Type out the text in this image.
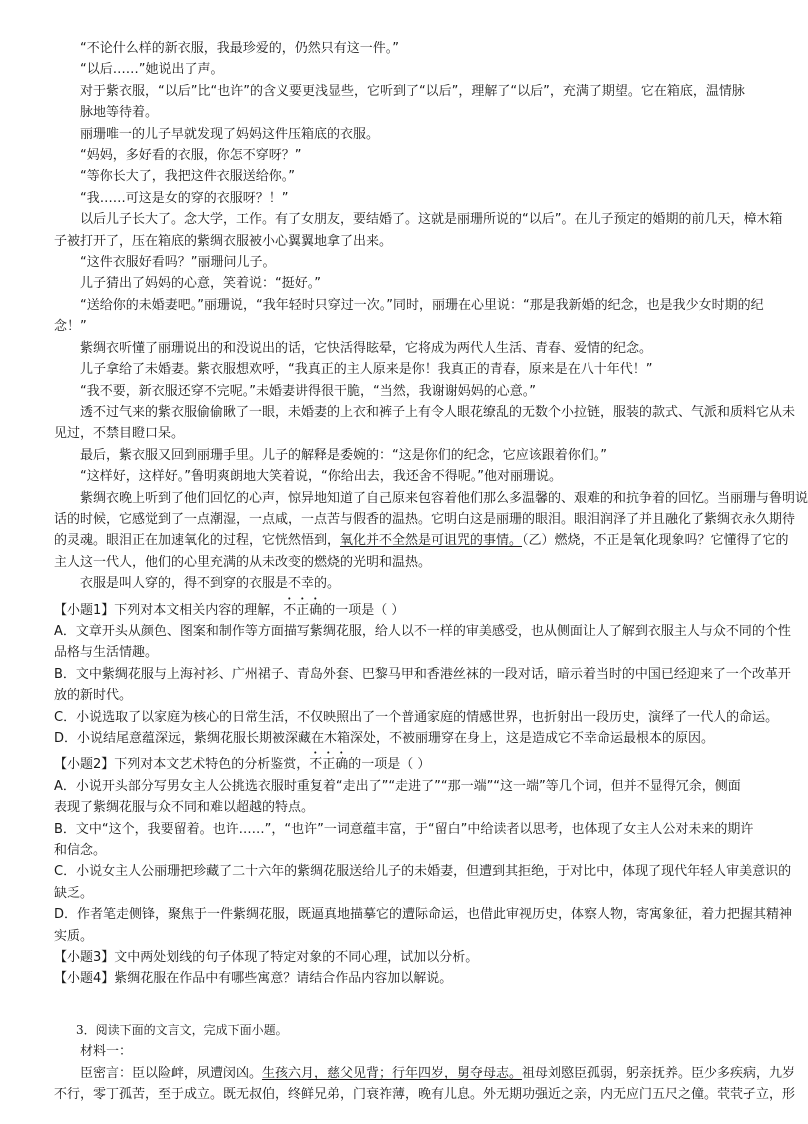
“不论什么样的新衣服，我最珍爱的，仍然只有这一件。”
“以后……”她说出了声。
对于紫衣服，“以后”比“也许”的含义要更浅显些，它听到了“以后”，理解了“以后”，充满了期望。它在箱底，温情脉
脉地等待着。
丽珊唯一的儿子早就发现了妈妈这件压箱底的衣服。
“妈妈，多好看的衣服，你怎不穿呀？”
“等你长大了，我把这件衣服送给你。”
“我……可这是女的穿的衣服呀？！”
以后儿子长大了。念大学，工作。有了女朋友，要结婚了。这就是丽珊所说的“以后”。在儿子预定的婚期的前几天，樟木箱
子被打开了，压在箱底的紫绸衣服被小心翼翼地拿了出来。
“这件衣服好看吗？”丽珊问儿子。
儿子猜出了妈妈的心意，笑着说：“挺好。”
“送给你的未婚妻吧。”丽珊说，“我年轻时只穿过一次。”同时，丽珊在心里说：“那是我新婚的纪念，也是我少女时期的纪
念！”
紫绸衣听懂了丽珊说出的和没说出的话，它快活得眩晕，它将成为两代人生活、青春、爱情的纪念。
儿子拿给了未婚妻。紫衣服想欢呼，“我真正的主人原来是你！我真正的青春，原来是在八十年代！”
“我不要，新衣服还穿不完呢。”未婚妻讲得很干脆，“当然，我谢谢妈妈的心意。”
透不过气来的紫衣服偷偷瞅了一眼，未婚妻的上衣和裤子上有令人眼花缭乱的无数个小拉链，服装的款式、气派和质料它从未
见过，不禁目瞪口呆。
最后，紫衣服又回到丽珊手里。儿子的解释是委婉的：“这是你们的纪念，它应该跟着你们。”
“这样好，这样好。”鲁明爽朗地大笑着说，“你给出去，我还舍不得呢。”他对丽珊说。
紫绸衣晚上听到了他们回忆的心声，惊异地知道了自己原来包容着他们那么多温馨的、艰难的和抗争着的回忆。当丽珊与鲁明说
话的时候，它感觉到了一点潮湿，一点咸，一点苦与假香的温热。它明白这是丽珊的眼泪。眼泪润泽了并且融化了紫绸衣永久期待
的灵魂。眼泪正在加速氧化的过程，它恍然悟到，氧化并不全然是可诅咒的事情。（乙）燃烧，不正是氧化现象吗？它懂得了它的
主人这一代人，他们的心里充满的从未改变的燃烧的光明和温热。
衣服是叫人穿的，得不到穿的衣服是不幸的。
【小题1】下列对本文相关内容的理解，不正确的一项是（ ）
A．文章开头从颜色、图案和制作等方面描写紫绸花服，给人以不一样的审美感受，也从侧面让人了解到衣服主人与众不同的个性
品格与生活情趣。
B．文中紫绸花服与上海衬衫、广州裙子、青岛外套、巴黎马甲和香港丝袜的一段对话，暗示着当时的中国已经迎来了一个改革开
放的新时代。
C．小说选取了以家庭为核心的日常生活，不仅映照出了一个普通家庭的情感世界，也折射出一段历史，演绎了一代人的命运。
D．小说结尾意蕴深远，紫绸花服长期被深藏在木箱深处，不被丽珊穿在身上，这是造成它不幸命运最根本的原因。
【小题2】下列对本文艺术特色的分析鉴赏，不正确的一项是（ ）
A．小说开头部分写男女主人公挑选衣服时重复着“走出了”“走进了”“那一端”“这一端”等几个词，但并不显得冗余，侧面
表现了紫绸花服与众不同和难以超越的特点。
B．文中“这个，我要留着。也许……”，“也许”一词意蕴丰富，于“留白”中给读者以思考，也体现了女主人公对未来的期许
和信念。
C．小说女主人公丽珊把珍藏了二十六年的紫绸花服送给儿子的未婚妻，但遭到其拒绝，于对比中，体现了现代年轻人审美意识的
缺乏。
D．作者笔走侧锋，聚焦于一件紫绸花服，既逼真地描摹它的遭际命运，也借此审视历史，体察人物，寄寓象征，着力把握其精神
实质。
【小题3】文中两处划线的句子体现了特定对象的不同心理，试加以分析。
【小题4】紫绸花服在作品中有哪些寓意？请结合作品内容加以解说。
3．阅读下面的文言文，完成下面小题。
材料一：
臣密言：臣以险衅，夙遭闵凶。生孩六月，慈父见背；行年四岁，舅夺母志。祖母刘愍臣孤弱，躬亲抚养。臣少多疾病，九岁
不行，零丁孤苦，至于成立。既无叔伯，终鲜兄弟，门衰祚薄，晚有儿息。外无期功强近之亲，内无应门五尺之僮。茕茕孑立，形
